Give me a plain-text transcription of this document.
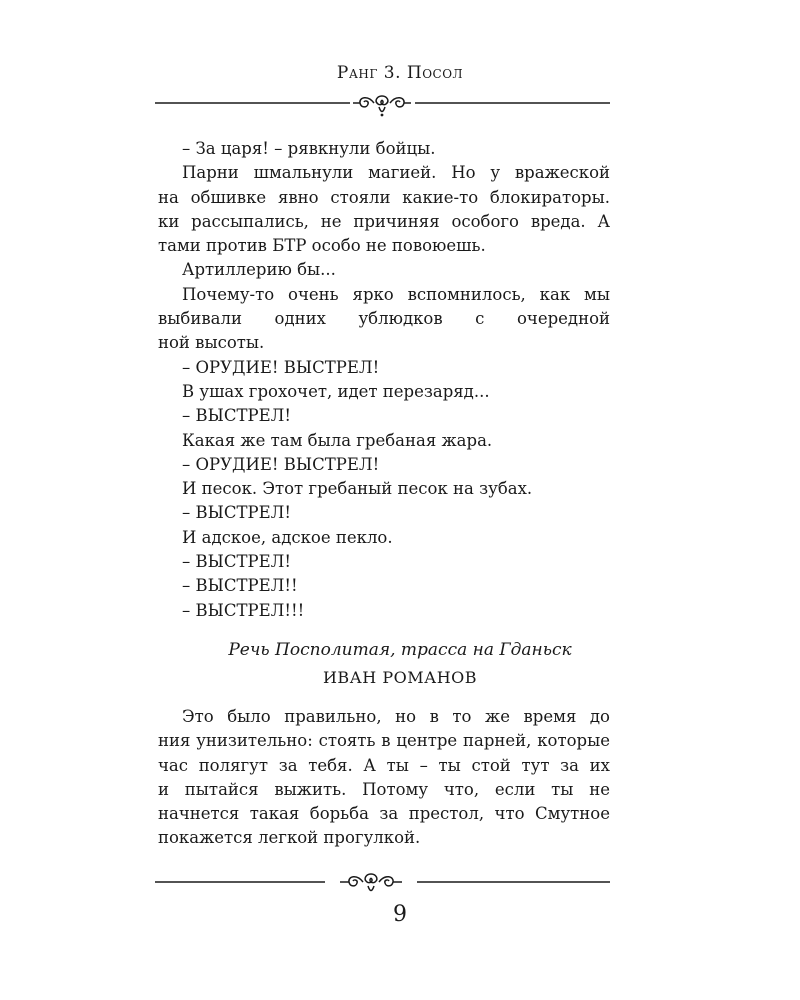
Ранг 3. Посол
– За царя! – рявкнули бойцы.
Парни шмальнули магией. Но у вражеской
на обшивке явно стояли какие-то блокираторы.
ки рассыпались, не причиняя особого вреда. А
тами против БТР особо не повоюешь.
Артиллерию бы...
Почему-то очень ярко вспомнилось, как мы
выбивали одних ублюдков с очередной
ной высоты.
– ОРУДИЕ! ВЫСТРЕЛ!
В ушах грохочет, идет перезаряд...
– ВЫСТРЕЛ!
Какая же там была гребаная жара.
– ОРУДИЕ! ВЫСТРЕЛ!
И песок. Этот гребаный песок на зубах.
– ВЫСТРЕЛ!
И адское, адское пекло.
– ВЫСТРЕЛ!
– ВЫСТРЕЛ!!
– ВЫСТРЕЛ!!!
Речь Посполитая, трасса на Гданьск
ИВАН РОМАНОВ
Это было правильно, но в то же время до
ния унизительно: стоять в центре парней, которые
час полягут за тебя. А ты – ты стой тут за их
и пытайся выжить. Потому что, если ты не
начнется такая борьба за престол, что Смутное
покажется легкой прогулкой.
9
